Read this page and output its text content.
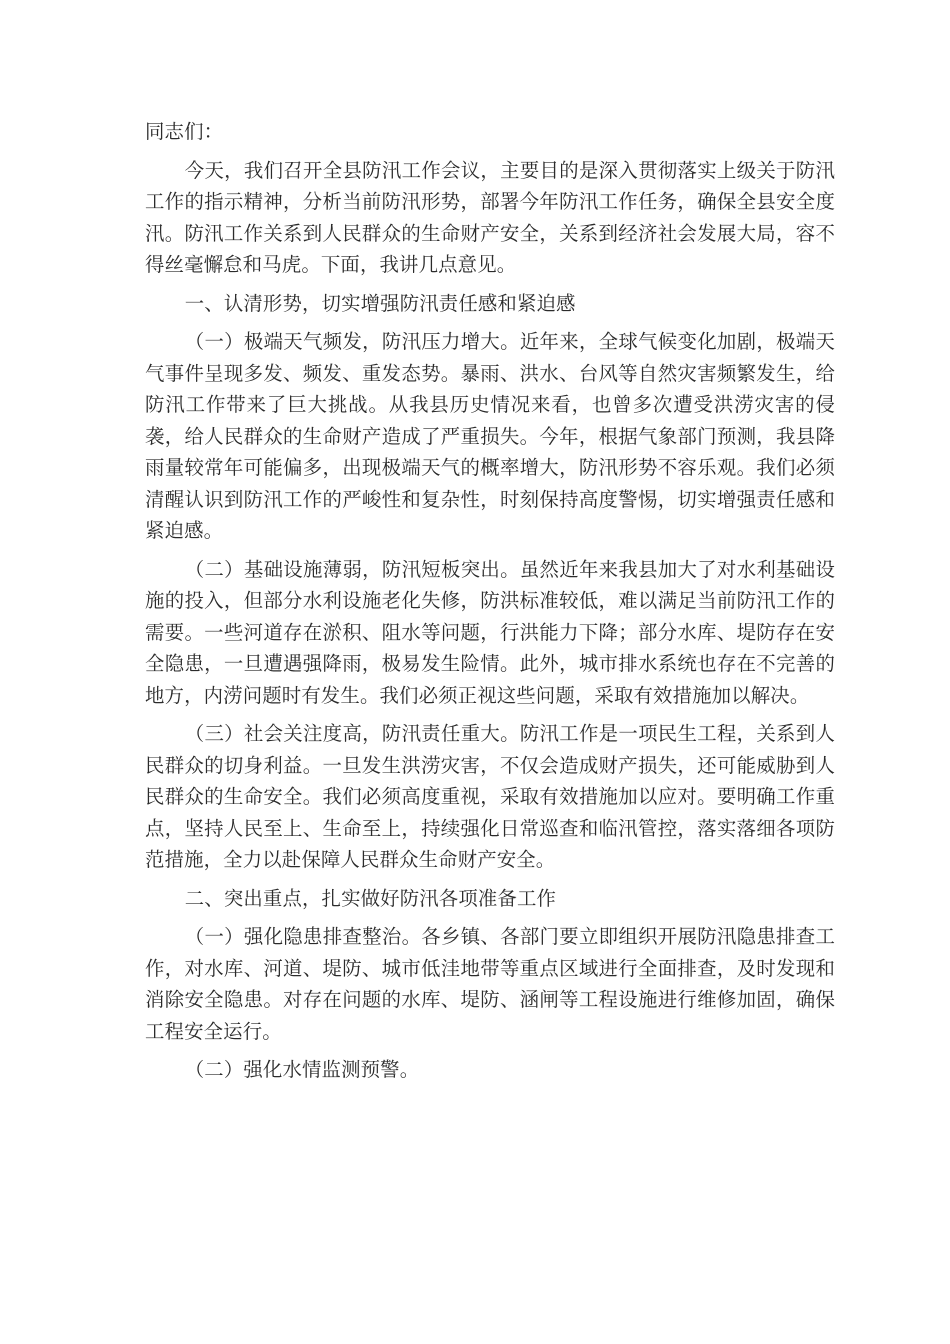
同志们：

今天，我们召开全县防汛工作会议，主要目的是深入贯彻落实上级关于防汛工作的指示精神，分析当前防汛形势，部署今年防汛工作任务，确保全县安全度汛。防汛工作关系到人民群众的生命财产安全，关系到经济社会发展大局，容不得丝毫懈怠和马虎。下面，我讲几点意见。

一、认清形势，切实增强防汛责任感和紧迫感

（一）极端天气频发，防汛压力增大。近年来，全球气候变化加剧，极端天气事件呈现多发、频发、重发态势。暴雨、洪水、台风等自然灾害频繁发生，给防汛工作带来了巨大挑战。从我县历史情况来看，也曾多次遭受洪涝灾害的侵袭，给人民群众的生命财产造成了严重损失。今年，根据气象部门预测，我县降雨量较常年可能偏多，出现极端天气的概率增大，防汛形势不容乐观。我们必须清醒认识到防汛工作的严峻性和复杂性，时刻保持高度警惕，切实增强责任感和紧迫感。

（二）基础设施薄弱，防汛短板突出。虽然近年来我县加大了对水利基础设施的投入，但部分水利设施老化失修，防洪标准较低，难以满足当前防汛工作的需要。一些河道存在淤积、阻水等问题，行洪能力下降；部分水库、堤防存在安全隐患，一旦遭遇强降雨，极易发生险情。此外，城市排水系统也存在不完善的地方，内涝问题时有发生。我们必须正视这些问题，采取有效措施加以解决。

（三）社会关注度高，防汛责任重大。防汛工作是一项民生工程，关系到人民群众的切身利益。一旦发生洪涝灾害，不仅会造成财产损失，还可能威胁到人民群众的生命安全。我们必须高度重视，采取有效措施加以应对。要明确工作重点，坚持人民至上、生命至上，持续强化日常巡查和临汛管控，落实落细各项防范措施，全力以赴保障人民群众生命财产安全。

二、突出重点，扎实做好防汛各项准备工作

（一）强化隐患排查整治。各乡镇、各部门要立即组织开展防汛隐患排查工作，对水库、河道、堤防、城市低洼地带等重点区域进行全面排查，及时发现和消除安全隐患。对存在问题的水库、堤防、涵闸等工程设施进行维修加固，确保工程安全运行。

（二）强化水情监测预警。
